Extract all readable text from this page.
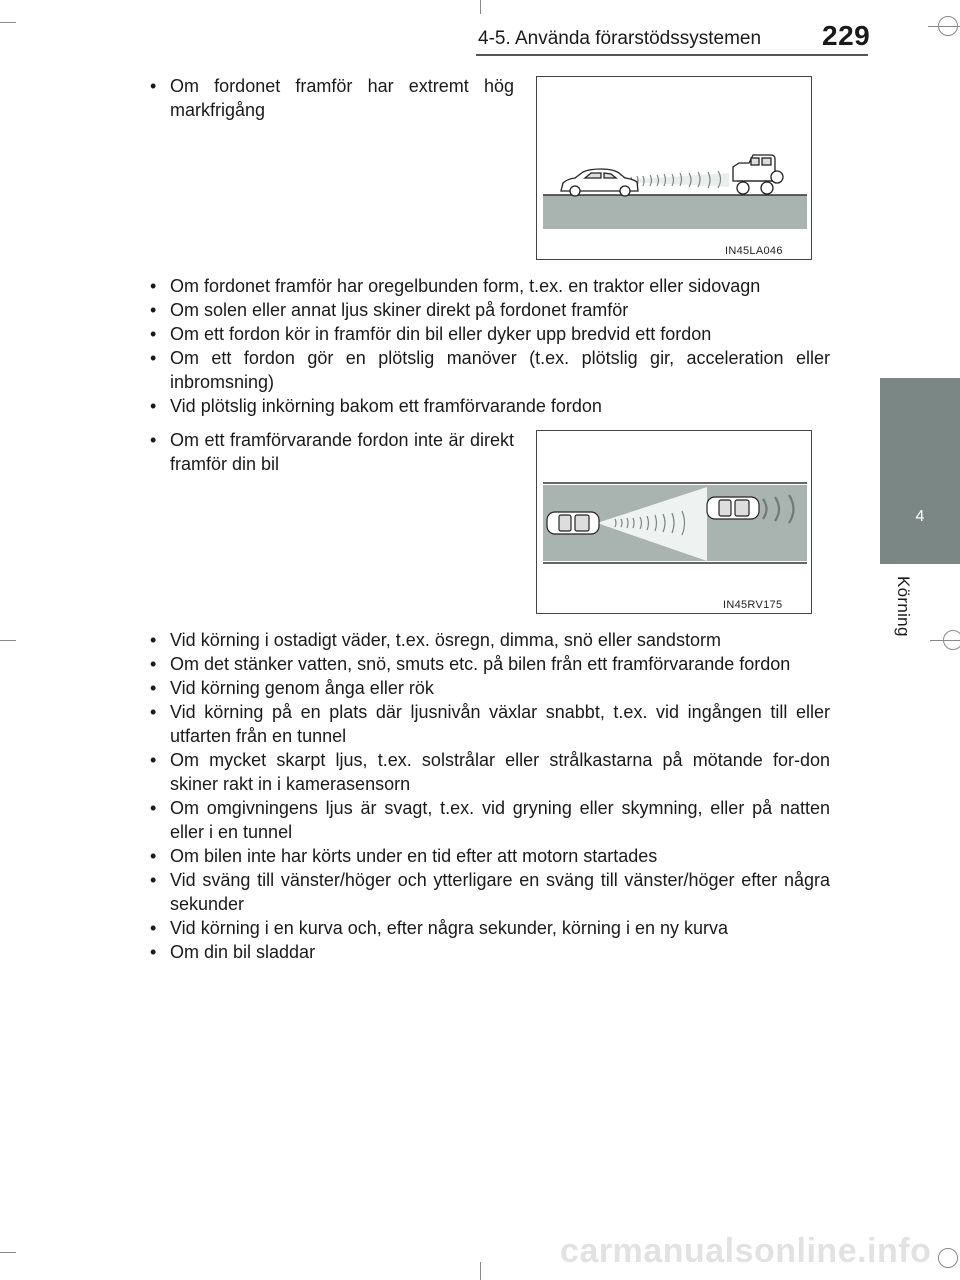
4-5. Använda förarstödssystemen 229
4
Körning
• Om fordonet framför har extremt hög markfrigång
IN45LA046
• Om fordonet framför har oregelbunden form, t.ex. en traktor eller sidovagn
• Om solen eller annat ljus skiner direkt på fordonet framför
• Om ett fordon kör in framför din bil eller dyker upp bredvid ett fordon
• Om ett fordon gör en plötslig manöver (t.ex. plötslig gir, acceleration eller inbromsning)
• Vid plötslig inkörning bakom ett framförvarande fordon
• Om ett framförvarande fordon inte är direkt framför din bil
IN45RV175
• Vid körning i ostadigt väder, t.ex. ösregn, dimma, snö eller sandstorm
• Om det stänker vatten, snö, smuts etc. på bilen från ett framförvarande fordon
• Vid körning genom ånga eller rök
• Vid körning på en plats där ljusnivån växlar snabbt, t.ex. vid ingången till eller utfarten från en tunnel
• Om mycket skarpt ljus, t.ex. solstrålar eller strålkastarna på mötande for-don skiner rakt in i kamerasensorn
• Om omgivningens ljus är svagt, t.ex. vid gryning eller skymning, eller på natten eller i en tunnel
• Om bilen inte har körts under en tid efter att motorn startades
• Vid sväng till vänster/höger och ytterligare en sväng till vänster/höger efter några sekunder
• Vid körning i en kurva och, efter några sekunder, körning i en ny kurva
• Om din bil sladdar
carmanualsonline.info
